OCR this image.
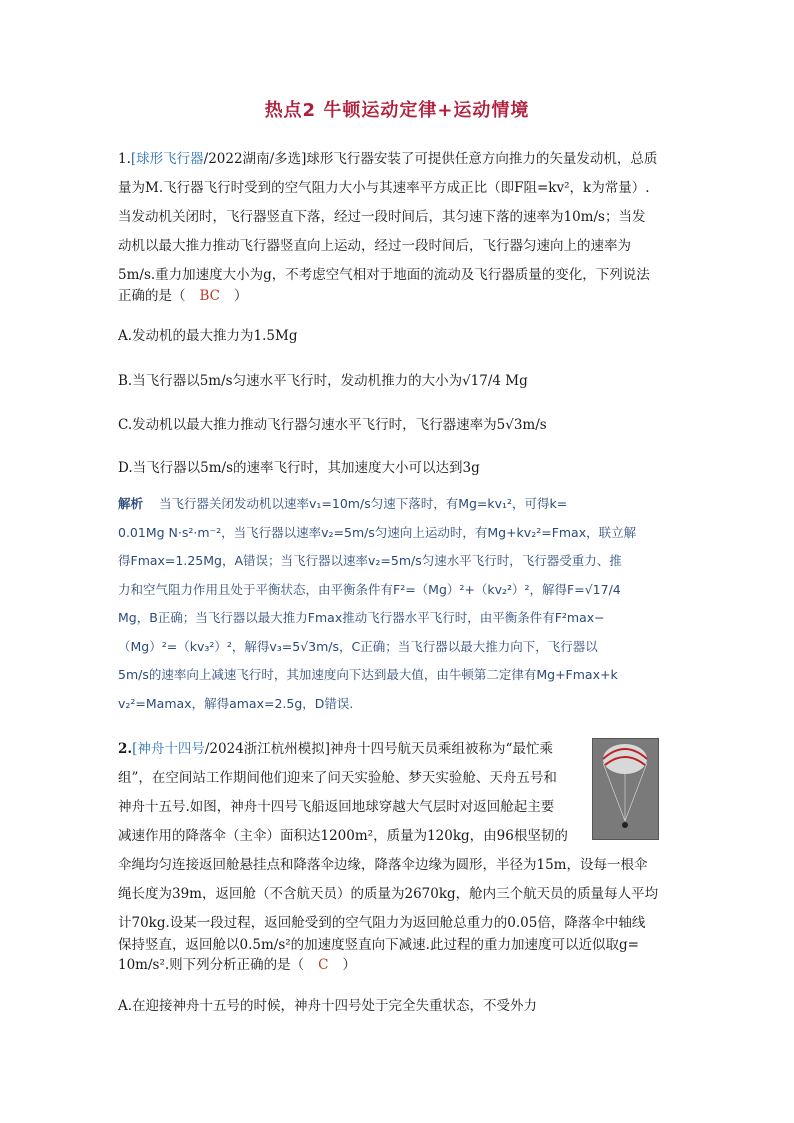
热点2 牛顿运动定律+运动情境
1.[球形飞行器/2022湖南/多选]球形飞行器安装了可提供任意方向推力的矢量发动机，总质
量为M.飞行器飞行时受到的空气阻力大小与其速率平方成正比（即F阻=kv²，k为常量）.
当发动机关闭时，飞行器竖直下落，经过一段时间后，其匀速下落的速率为10m/s；当发
动机以最大推力推动飞行器竖直向上运动，经过一段时间后，飞行器匀速向上的速率为
5m/s.重力加速度大小为g，不考虑空气相对于地面的流动及飞行器质量的变化，下列说法
正确的是（ BC ）
A.发动机的最大推力为1.5Mg
B.当飞行器以5m/s匀速水平飞行时，发动机推力的大小为√17/4 Mg
C.发动机以最大推力推动飞行器匀速水平飞行时，飞行器速率为5√3m/s
D.当飞行器以5m/s的速率飞行时，其加速度大小可以达到3g
解析 当飞行器关闭发动机以速率v₁=10m/s匀速下落时，有Mg=kv₁²，可得k=
0.01Mg N·s²·m⁻²，当飞行器以速率v₂=5m/s匀速向上运动时，有Mg+kv₂²=Fmax，联立解
得Fmax=1.25Mg，A错误；当飞行器以速率v₂=5m/s匀速水平飞行时，飞行器受重力、推
力和空气阻力作用且处于平衡状态，由平衡条件有F²=（Mg）²+（kv₂²）²，解得F=√17/4
Mg，B正确；当飞行器以最大推力Fmax推动飞行器水平飞行时，由平衡条件有F²max−
（Mg）²=（kv₃²）²，解得v₃=5√3m/s，C正确；当飞行器以最大推力向下，飞行器以
5m/s的速率向上减速飞行时，其加速度向下达到最大值，由牛顿第二定律有Mg+Fmax+k
v₂²=Mamax，解得amax=2.5g，D错误.
2.[神舟十四号/2024浙江杭州模拟]神舟十四号航天员乘组被称为“最忙乘
组”，在空间站工作期间他们迎来了问天实验舱、梦天实验舱、天舟五号和
神舟十五号.如图，神舟十四号飞船返回地球穿越大气层时对返回舱起主要
减速作用的降落伞（主伞）面积达1200m²，质量为120kg，由96根坚韧的
伞绳均匀连接返回舱悬挂点和降落伞边缘，降落伞边缘为圆形，半径为15m，设每一根伞
绳长度为39m，返回舱（不含航天员）的质量为2670kg，舱内三个航天员的质量每人平均
计70kg.设某一段过程，返回舱受到的空气阻力为返回舱总重力的0.05倍，降落伞中轴线
保持竖直，返回舱以0.5m/s²的加速度竖直向下减速.此过程的重力加速度可以近似取g=
10m/s².则下列分析正确的是（ C ）
A.在迎接神舟十五号的时候，神舟十四号处于完全失重状态，不受外力
